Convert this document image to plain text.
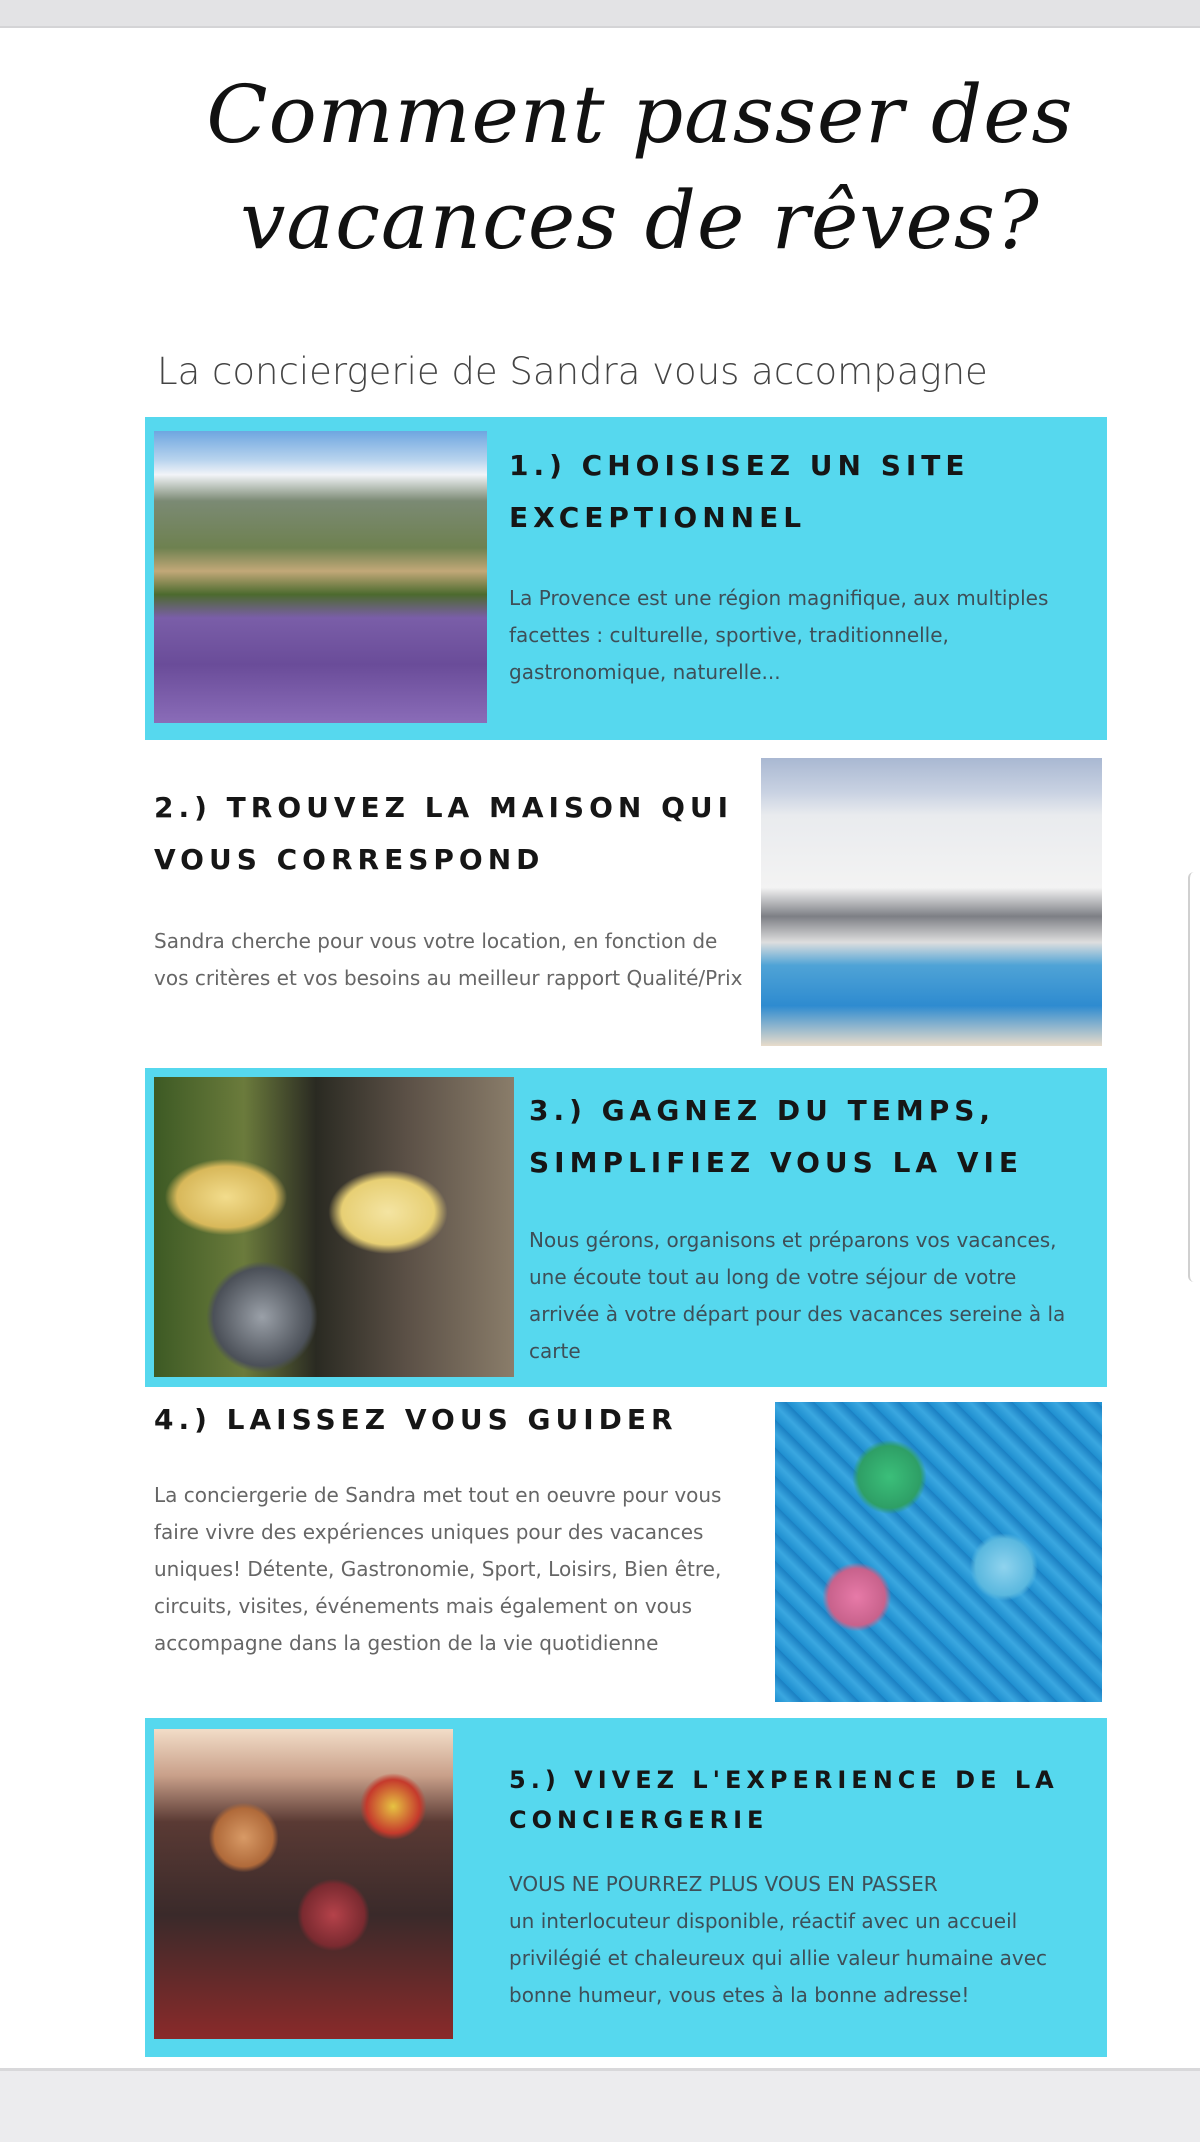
Comment passer des
vacances de rêves?
La conciergerie de Sandra vous accompagne
1.) CHOISISEZ UN SITE
EXCEPTIONNEL
La Provence est une région magnifique, aux multiples facettes : culturelle, sportive, traditionnelle, gastronomique, naturelle...
2.) TROUVEZ LA MAISON QUI
VOUS CORRESPOND
Sandra cherche pour vous votre location, en fonction de vos critères et vos besoins au meilleur rapport Qualité/Prix
3.) GAGNEZ DU TEMPS,
SIMPLIFIEZ VOUS LA VIE
Nous gérons, organisons et préparons vos vacances, une écoute tout au long de votre séjour de votre arrivée à votre départ pour des vacances sereine à la carte
4.) LAISSEZ VOUS GUIDER
La conciergerie de Sandra met tout en oeuvre pour vous faire vivre des expériences uniques pour des vacances uniques! Détente, Gastronomie, Sport, Loisirs, Bien être, circuits, visites, événements mais également on vous accompagne dans la gestion de la vie quotidienne
5.) VIVEZ L'EXPERIENCE DE LA
CONCIERGERIE
VOUS NE POURREZ PLUS VOUS EN PASSER
un interlocuteur disponible, réactif avec un accueil privilégié et chaleureux qui allie valeur humaine avec bonne humeur, vous etes à la bonne adresse!
